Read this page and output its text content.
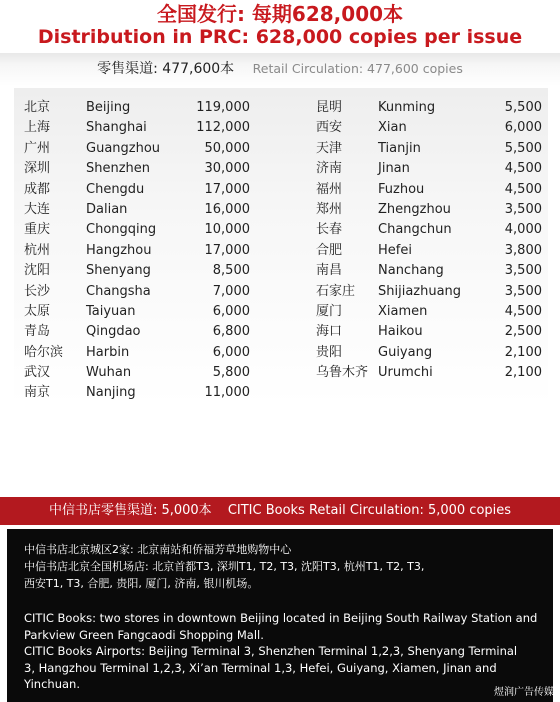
全国发行: 每期628,000本
Distribution in PRC: 628,000 copies per issue
零售渠道: 477,600本 Retail Circulation: 477,600 copies
北京	Beijing	119,000
上海	Shanghai	112,000
广州	Guangzhou	50,000
深圳	Shenzhen	30,000
成都	Chengdu	17,000
大连	Dalian	16,000
重庆	Chongqing	10,000
杭州	Hangzhou	17,000
沈阳	Shenyang	8,500
长沙	Changsha	7,000
太原	Taiyuan	6,000
青岛	Qingdao	6,800
哈尔滨 Harbin	6,000
武汉	Wuhan	5,800
南京	Nanjing	11,000
昆明	Kunming	5,500
西安	Xian	6,000
天津	Tianjin	5,500
济南	Jinan	4,500
福州	Fuzhou	4,500
郑州	Zhengzhou	3,500
长春	Changchun	4,000
合肥	Hefei	3,800
南昌	Nanchang	3,500
石家庄 Shijiazhuang	3,500
厦门	Xiamen	4,500
海口	Haikou	2,500
贵阳	Guiyang	2,100
乌鲁木齐 Urumchi	2,100
中信书店零售渠道: 5,000本 CITIC Books Retail Circulation: 5,000 copies
中信书店北京城区2家: 北京南站和侨福芳草地购物中心
中信书店北京全国机场店: 北京首都T3, 深圳T1, T2, T3, 沈阳T3, 杭州T1, T2, T3,
西安T1, T3, 合肥, 贵阳, 厦门, 济南, 银川机场。
CITIC Books: two stores in downtown Beijing located in Beijing South Railway Station and
Parkview Green Fangcaodi Shopping Mall.
CITIC Books Airports: Beijing Terminal 3, Shenzhen Terminal 1,2,3, Shenyang Terminal
3, Hangzhou Terminal 1,2,3, Xi’an Terminal 1,3, Hefei, Guiyang, Xiamen, Jinan and
Yinchuan.
煜润广告传媒
